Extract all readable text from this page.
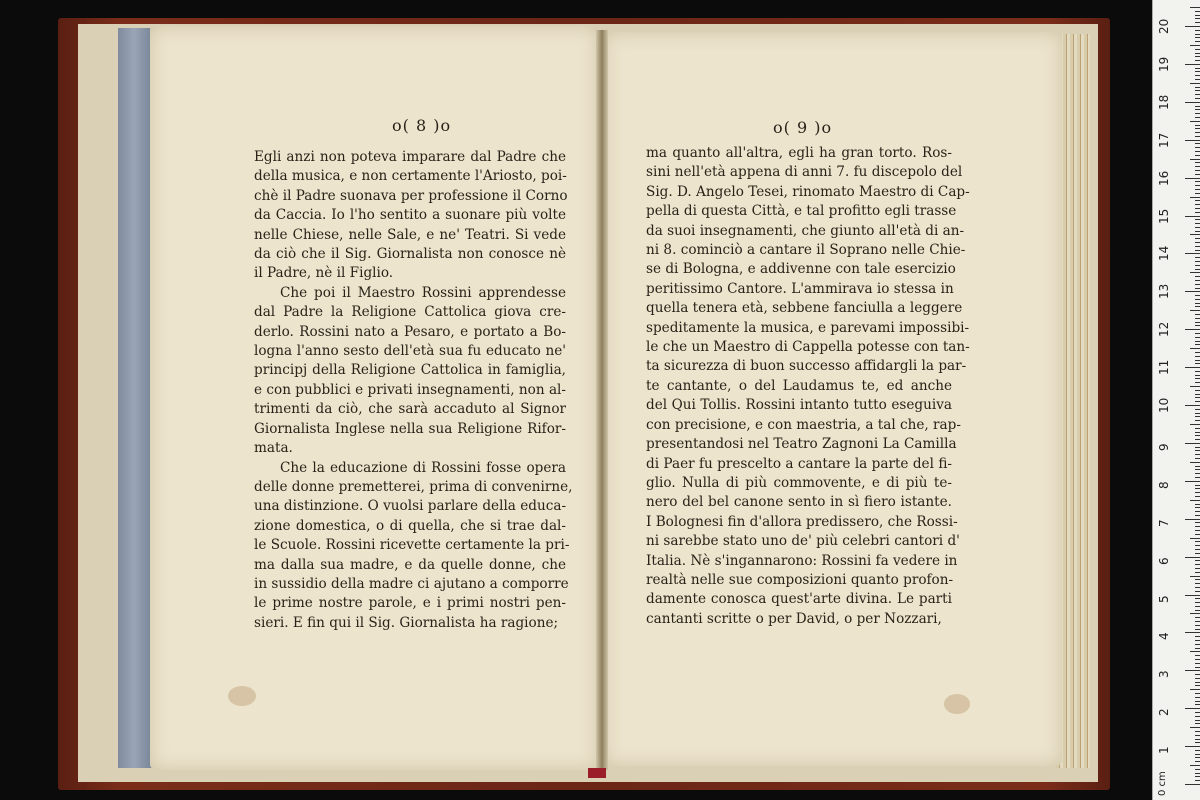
o( 8 )o	o( 9 )o
Egli anzi non poteva imparare dal Padre che
della musica, e non certamente l'Ariosto, poi-
chè il Padre suonava per professione il Corno
da Caccia. Io l'ho sentito a suonare più volte
nelle Chiese, nelle Sale, e ne' Teatri. Si vede
da ciò che il Sig. Giornalista non conosce nè
il Padre, nè il Figlio.
Che poi il Maestro Rossini apprendesse
dal Padre la Religione Cattolica giova cre-
derlo. Rossini nato a Pesaro, e portato a Bo-
logna l'anno sesto dell'età sua fu educato ne'
principj della Religione Cattolica in famiglia,
e con pubblici e privati insegnamenti, non al-
trimenti da ciò, che sarà accaduto al Signor
Giornalista Inglese nella sua Religione Rifor-
mata.
Che la educazione di Rossini fosse opera
delle donne premetterei, prima di convenirne,
una distinzione. O vuolsi parlare della educa-
zione domestica, o di quella, che si trae dal-
le Scuole. Rossini ricevette certamente la pri-
ma dalla sua madre, e da quelle donne, che
in sussidio della madre ci ajutano a comporre
le prime nostre parole, e i primi nostri pen-
sieri. E fin qui il Sig. Giornalista ha ragione;
ma quanto all'altra, egli ha gran torto. Ros-
sini nell'età appena di anni 7. fu discepolo del
Sig. D. Angelo Tesei, rinomato Maestro di Cap-
pella di questa Città, e tal profitto egli trasse
da suoi insegnamenti, che giunto all'età di an-
ni 8. cominciò a cantare il Soprano nelle Chie-
se di Bologna, e addivenne con tale esercizio
peritissimo Cantore. L'ammirava io stessa in
quella tenera età, sebbene fanciulla a leggere
speditamente la musica, e parevami impossibi-
le che un Maestro di Cappella potesse con tan-
ta sicurezza di buon successo affidargli la par-
te cantante, o del Laudamus te, ed anche
del Qui Tollis. Rossini intanto tutto eseguiva
con precisione, e con maestria, a tal che, rap-
presentandosi nel Teatro Zagnoni La Camilla
di Paer fu prescelto a cantare la parte del fi-
glio. Nulla di più commovente, e di più te-
nero del bel canone sento in sì fiero istante.
I Bolognesi fin d'allora predissero, che Rossi-
ni sarebbe stato uno de' più celebri cantori d'
Italia. Nè s'ingannarono: Rossini fa vedere in
realtà nelle sue composizioni quanto profon-
damente conosca quest'arte divina. Le parti
cantanti scritte o per David, o per Nozzari,
0 cm
1
2
3
4
5
6
7
8
9
10
11
12
13
14
15
16
17
18
19
20
